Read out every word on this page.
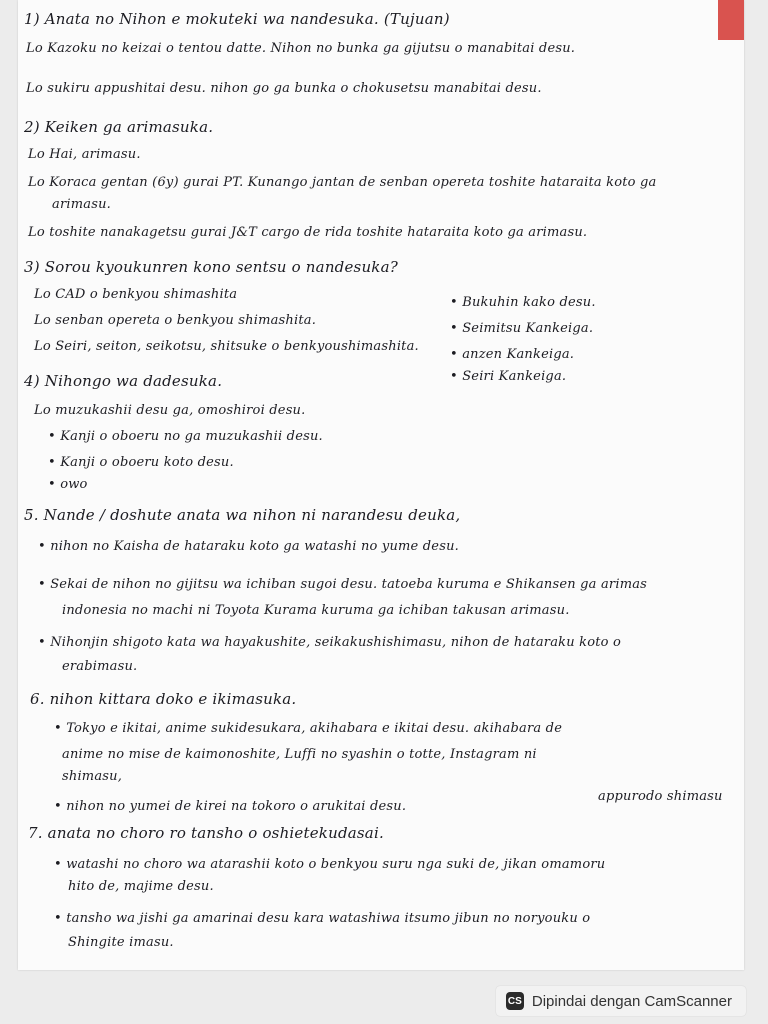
1) Anata no Nihon e mokuteki wa nandesuka. (Tujuan)
Lo Kazoku no keizai o tentou datte. Nihon no bunka ga gijutsu o manabitai desu.
Lo sukiru appushitai desu. nihon go ga bunka o chokusetsu manabitai desu.
2) Keiken ga arimasuka.
Lo Hai, arimasu.
Lo Koraca gentan (6y) gurai PT. Kunango jantan de senban opereta toshite hataraita koto ga
arimasu.
Lo toshite nanakagetsu gurai J&T cargo de rida toshite hataraita koto ga arimasu.
3) Sorou kyoukunren kono sentsu o nandesuka?
Lo CAD o benkyou shimashita
Lo senban opereta o benkyou shimashita.
Lo Seiri, seiton, seikotsu, shitsuke o benkyoushimashita.
• Bukuhin kako desu.
• Seimitsu Kankeiga.
• anzen Kankeiga.
• Seiri Kankeiga.
4) Nihongo wa dadesuka.
Lo muzukashii desu ga, omoshiroi desu.
• Kanji o oboeru no ga muzukashii desu.
• Kanji o oboeru koto desu.
• owo
5. Nande / doshute anata wa nihon ni narandesu deuka,
• nihon no Kaisha de hataraku koto ga watashi no yume desu.
• Sekai de nihon no gijitsu wa ichiban sugoi desu. tatoeba kuruma e Shikansen ga arimas
indonesia no machi ni Toyota Kurama kuruma ga ichiban takusan arimasu.
• Nihonjin shigoto kata wa hayakushite, seikakushishimasu, nihon de hataraku koto o
erabimasu.
6. nihon kittara doko e ikimasuka.
• Tokyo e ikitai, anime sukidesukara, akihabara e ikitai desu. akihabara de
anime no mise de kaimonoshite, Luffi no syashin o totte, Instagram ni
shimasu,
appurodo shimasu
• nihon no yumei de kirei na tokoro o arukitai desu.
7. anata no choro ro tansho o oshietekudasai.
• watashi no choro wa atarashii koto o benkyou suru nga suki de, jikan omamoru
hito de, majime desu.
• tansho wa jishi ga amarinai desu kara watashiwa itsumo jibun no noryouku o
Shingite imasu.
CS Dipindai dengan CamScanner
